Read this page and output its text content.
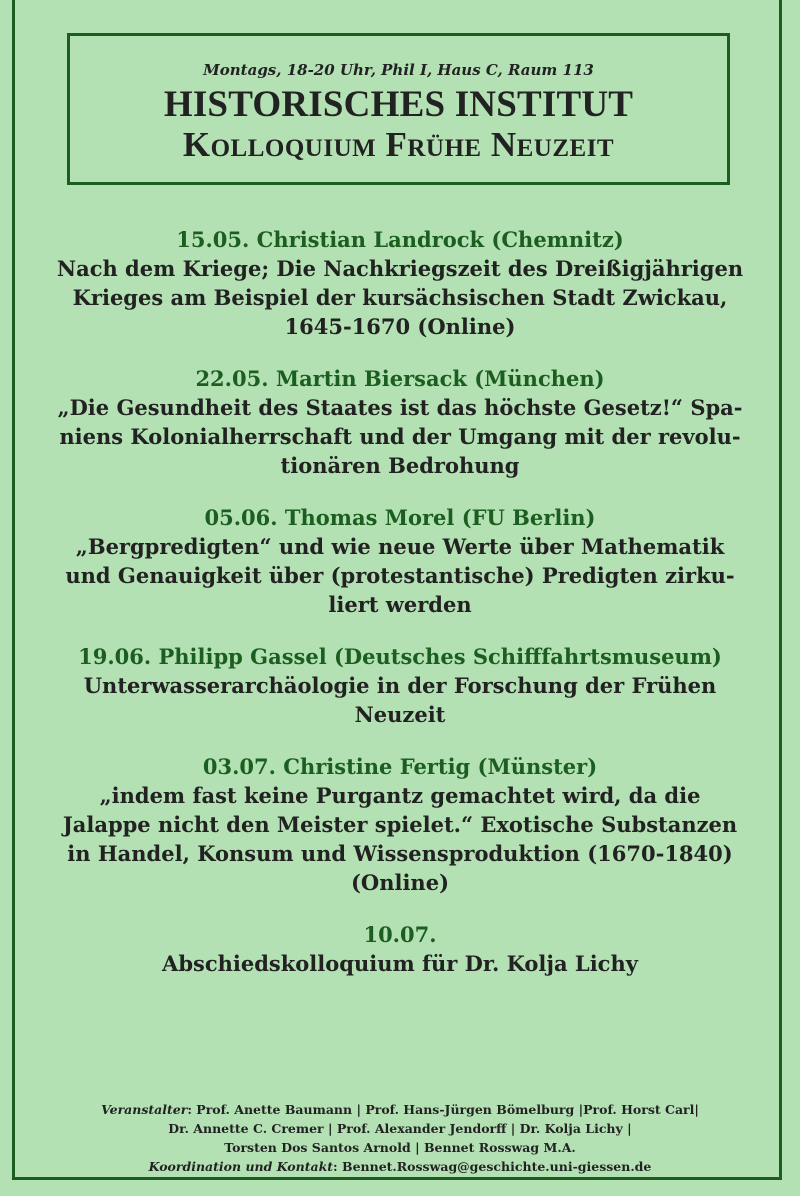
Montags, 18-20 Uhr, Phil I, Haus C, Raum 113
HISTORISCHES INSTITUT
Kolloquium Frühe Neuzeit
15.05. Christian Landrock (Chemnitz)
Nach dem Kriege; Die Nachkriegszeit des Dreißigjährigen
Krieges am Beispiel der kursächsischen Stadt Zwickau,
1645-1670 (Online)
22.05. Martin Biersack (München)
„Die Gesundheit des Staates ist das höchste Gesetz!“ Spa-
niens Kolonialherrschaft und der Umgang mit der revolu-
tionären Bedrohung
05.06. Thomas Morel (FU Berlin)
„Bergpredigten“ und wie neue Werte über Mathematik
und Genauigkeit über (protestantische) Predigten zirku-
liert werden
19.06. Philipp Gassel (Deutsches Schifffahrtsmuseum)
Unterwasserarchäologie in der Forschung der Frühen
Neuzeit
03.07. Christine Fertig (Münster)
„indem fast keine Purgantz gemachtet wird, da die
Jalappe nicht den Meister spielet.“ Exotische Substanzen
in Handel, Konsum und Wissensproduktion (1670-1840)
(Online)
10.07.
Abschiedskolloquium für Dr. Kolja Lichy
Veranstalter: Prof. Anette Baumann | Prof. Hans-Jürgen Bömelburg |Prof. Horst Carl|
Dr. Annette C. Cremer | Prof. Alexander Jendorff | Dr. Kolja Lichy |
Torsten Dos Santos Arnold | Bennet Rosswag M.A.
Koordination und Kontakt: Bennet.Rosswag@geschichte.uni-giessen.de
